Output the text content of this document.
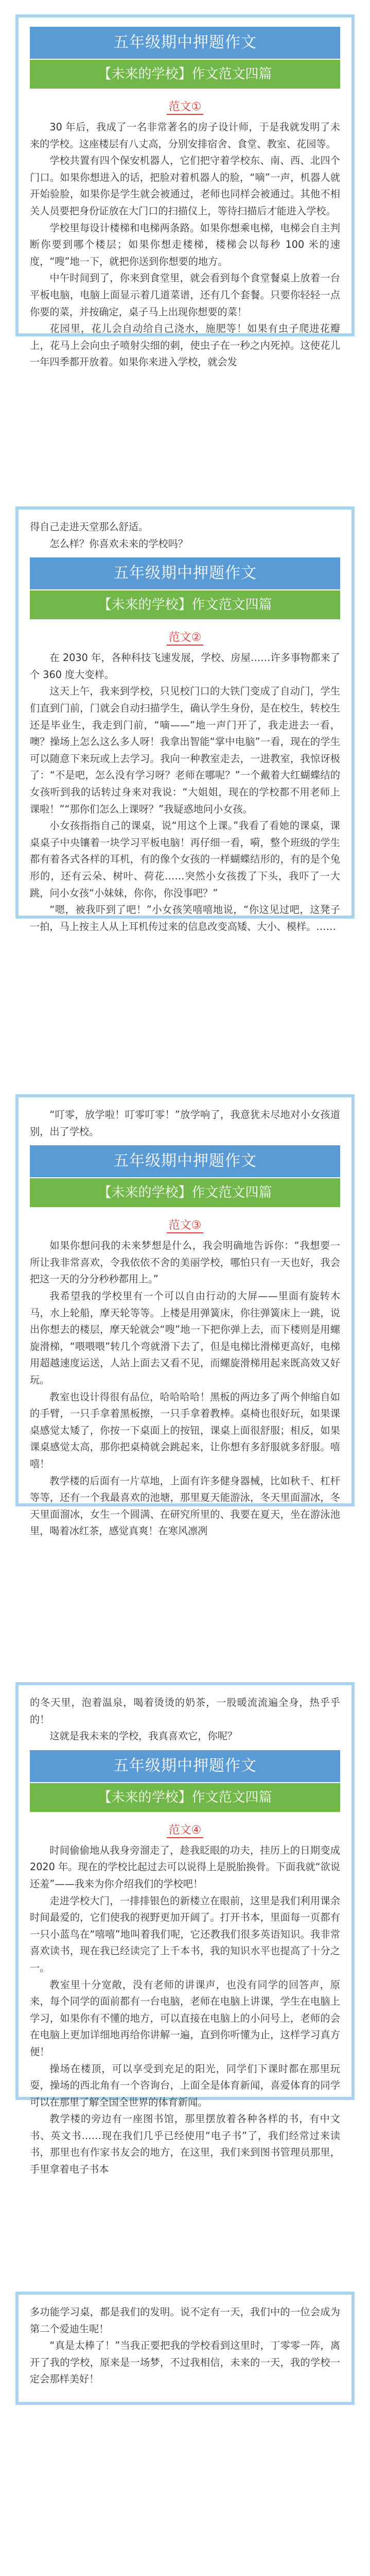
五年级期中押题作文
【未来的学校】作文范文四篇
范文①

30 年后，我成了一名非常著名的房子设计师，于是我就发明了未来的学校。这座楼层有八丈高，分别安排宿舍、食堂、教室、花园等。

学校共置有四个保安机器人，它们把守着学校东、南、西、北四个门口。如果你想进入的话，把脸对着机器人的脸，“嘀”一声，机器人就开始验脸，如果你是学生就会被通过，老师也同样会被通过。其他不相关人员要把身份证放在大门口的扫描仪上，等待扫描后才能进入学校。

学校里每设计楼梯和电梯两条路。如果你想乘电梯，电梯会自主判断你要到哪个楼层；如果你想走楼梯，楼梯会以每秒 100 米的速度，“嗖”地一下，就把你送到你想要的地方。

中午时间到了，你来到食堂里，就会看到每个食堂餐桌上放着一台平板电脑，电脑上面显示着几道菜谱，还有几个套餐。只要你轻轻一点你要的菜，并按确定，桌子马上出现你想要的菜！

花园里，花儿会自动给自己浇水，施肥等！如果有虫子爬进花瓣上，花马上会向虫子喷射尖细的刺，使虫子在一秒之内死掉。这使花儿一年四季都开放着。如果你来进入学校，就会发

得自己走进天堂那么舒适。

怎么样？你喜欢未来的学校吗？

五年级期中押题作文
【未来的学校】作文范文四篇
范文②

在 2030 年，各种科技飞速发展，学校、房屋……许多事物都来了个 360 度大变样。

这天上午，我来到学校，只见校门口的大铁门变成了自动门，学生们直到门前，门就会自动扫描学生，确认学生身份，是在校生，转校生还是毕业生，我走到门前，“嘀——”地一声门开了，我走进去一看，噢？操场上怎么这么多人呀！我拿出智能“掌中电脑”一看，现在的学生可以随意下来玩或上去学习。我向一种教室走去，一进教室，我惊讶极了：“不是吧，怎么没有学习呀？老师在哪呢？”一个戴着大红蝴蝶结的女孩听到我的话转过身来对我说：“大姐姐，现在的学校都不用老师上课啦！”“那你们怎么上课呀？”我疑惑地问小女孩。

小女孩指指自己的课桌，说“用这个上课。”我看了看她的课桌，课桌桌子中央镶着一块学习平板电脑！再仔细一看，嗬，整个班级的学生都有着各式各样的耳机，有的像个女孩的一样蝴蝶结形的，有的是个兔形的，还有云朵、树叶、荷花……突然小女孩拨了下头，我吓了一大跳，问小女孩“小妹妹，你你，你没事吧？”

“嗯，被我吓到了吧！”小女孩笑嘻嘻地说，“你这见过吧，这凳子一拍，马上按主人从上耳机传过来的信息改变高矮、大小、模样。……

“叮零，放学啦！叮零叮零！”放学响了，我意犹未尽地对小女孩道别，出了学校。

五年级期中押题作文
【未来的学校】作文范文四篇
范文③

如果你想问我的未来梦想是什么，我会明确地告诉你：“我想要一所让我非常喜欢，令我依依不舍的美丽学校，哪怕只有一天也好，我会把这一天的分分秒秒都用上。”

我希望我的学校里有一个可以自由行动的大屏——里面有旋转木马，水上轮船，摩天轮等等。上楼是用弹簧床，你往弹簧床上一跳，说出你想去的楼层，摩天轮就会“嗖”地一下把你弹上去，而下楼则是用螺旋滑梯，“喂喂喂”转几个弯就滑下去了，但是电梯比滑梯更高好，电梯用超越速度运送，人站上面去又看不见，而螺旋滑梯用起来既高效又好玩。

教室也设计得很有品位，哈哈哈哈！黑板的两边多了两个伸缩自如的手臂，一只手拿着黑板擦，一只手拿着教棒。桌椅也很好玩，如果课桌感觉太矮了，你按一下桌面上的按钮，课桌上面很舒服；相反，如果课桌感觉太高，那你把桌椅就会跳起来，让你想有多舒服就多舒服。嘻嘻！

教学楼的后面有一片草地，上面有许多健身器械，比如秋千、杠杆等等，还有一个我最喜欢的池塘，那里夏天能游泳，冬天里面溜冰，冬天里面溜冰，女生一个圆满、在研究所里的、我要在夏天，坐在游泳池里，喝着冰红茶，感觉真爽！在寒风凛冽

的冬天里，泡着温泉，喝着烫烫的奶茶，一股暖流流遍全身，热乎乎的！

这就是我未来的学校，我真喜欢它，你呢？

五年级期中押题作文
【未来的学校】作文范文四篇
范文④

时间偷偷地从我身旁溜走了，趁我眨眼的功夫，挂历上的日期变成 2020 年。现在的学校比起过去可以说得上是脱胎换骨。下面我就“欲说还羞”——我来为你介绍我们的学校吧！

走进学校大门，一排排银色的新楼立在眼前，这里是我们利用课余时间最爱的，它们使我的视野更加开阔了。打开书本，里面每一页都有一只小蓝鸟在“嘻嘻”地叫着我们呢，它还教我们很多英语知识。我非常喜欢读书，现在我已经读完了上千本书，我的知识水平也提高了十分之一。

教室里十分宽敞，没有老师的讲课声，也没有同学的回答声，原来，每个同学的面前都有一台电脑，老师在电脑上讲课，学生在电脑上学习，如果你有不懂的地方，可以直接在电脑上的小问号上，老师的会在电脑上更加详细地再给你讲解一遍，直到你听懂为止，这样学习真方便！

操场在楼顶，可以享受到充足的阳光，同学们下课时都在那里玩耍，操场的西北角有一个咨询台，上面全是体育新闻，喜爱体育的同学可以在那里了解全国全世界的体育新闻。

教学楼的旁边有一座图书馆，那里摆放着各种各样的书，有中文书、英文书……现在我们几乎已经使用“电子书”了，我们经常过来读书，那里也有作家书友会的地方，在这里，我们来到图书管理员那里，手里拿着电子书本

多功能学习桌，都是我们的发明。说不定有一天，我们中的一位会成为第二个爱迪生呢！

“真是太棒了！”当我正要把我的学校看到这里时，丁零零一阵，离开了我的学校，原来是一场梦，不过我相信，未来的一天，我的学校一定会那样美好！
